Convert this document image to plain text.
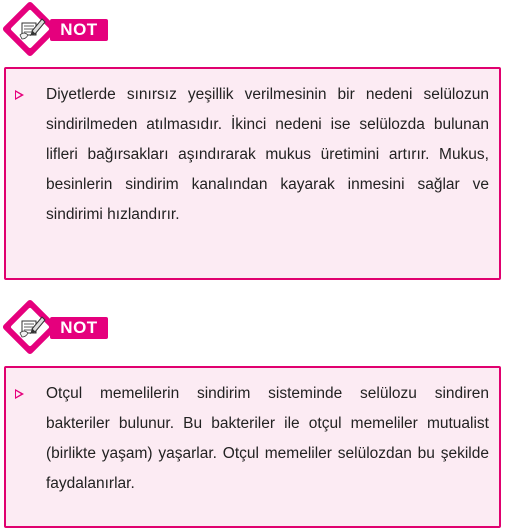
NOT
Diyetlerde sınırsız yeşillik verilmesinin bir nedeni selülozun sindirilmeden atılmasıdır. İkinci nedeni ise selülozda bulunan lifleri bağırsakları aşındırarak mukus üretimini artırır. Mukus, besinlerin sindirim kanalından kayarak inmesini sağlar ve sindirimi hızlandırır.
NOT
Otçul memelilerin sindirim sisteminde selülozu sindiren bakteriler bulunur. Bu bakteriler ile otçul memeliler mutualist (birlikte yaşam) yaşarlar. Otçul memeliler selülozdan bu şekilde faydalanırlar.
